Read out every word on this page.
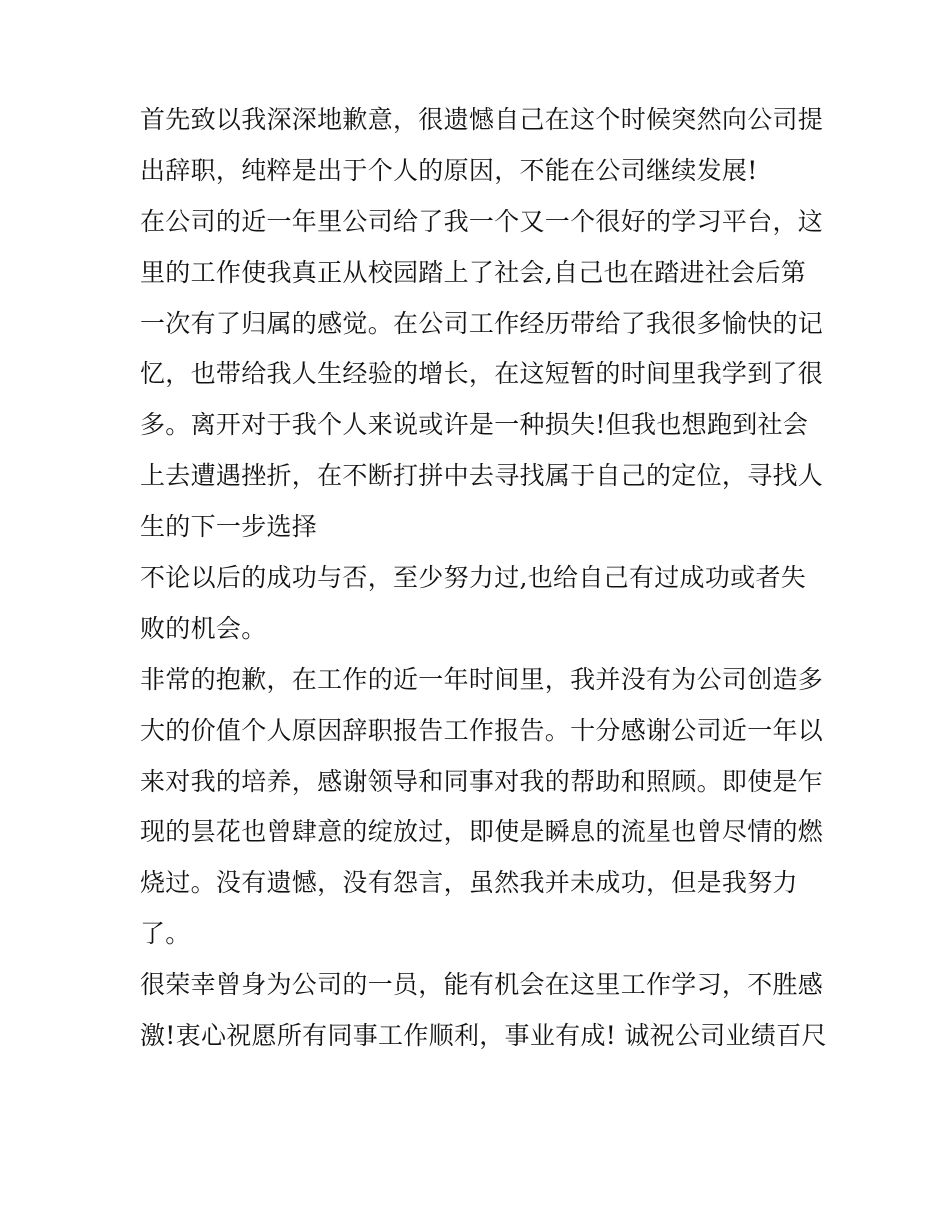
首先致以我深深地歉意，很遗憾自己在这个时候突然向公司提
出辞职，纯粹是出于个人的原因，不能在公司继续发展!
在公司的近一年里公司给了我一个又一个很好的学习平台，这
里的工作使我真正从校园踏上了社会,自己也在踏进社会后第
一次有了归属的感觉。在公司工作经历带给了我很多愉快的记
忆，也带给我人生经验的增长，在这短暂的时间里我学到了很
多。离开对于我个人来说或许是一种损失!但我也想跑到社会
上去遭遇挫折，在不断打拼中去寻找属于自己的定位，寻找人
生的下一步选择
不论以后的成功与否，至少努力过,也给自己有过成功或者失
败的机会。
非常的抱歉，在工作的近一年时间里，我并没有为公司创造多
大的价值个人原因辞职报告工作报告。十分感谢公司近一年以
来对我的培养，感谢领导和同事对我的帮助和照顾。即使是乍
现的昙花也曾肆意的绽放过，即使是瞬息的流星也曾尽情的燃
烧过。没有遗憾，没有怨言，虽然我并未成功，但是我努力
了。
很荣幸曾身为公司的一员，能有机会在这里工作学习，不胜感
激!衷心祝愿所有同事工作顺利，事业有成! 诚祝公司业绩百尺
